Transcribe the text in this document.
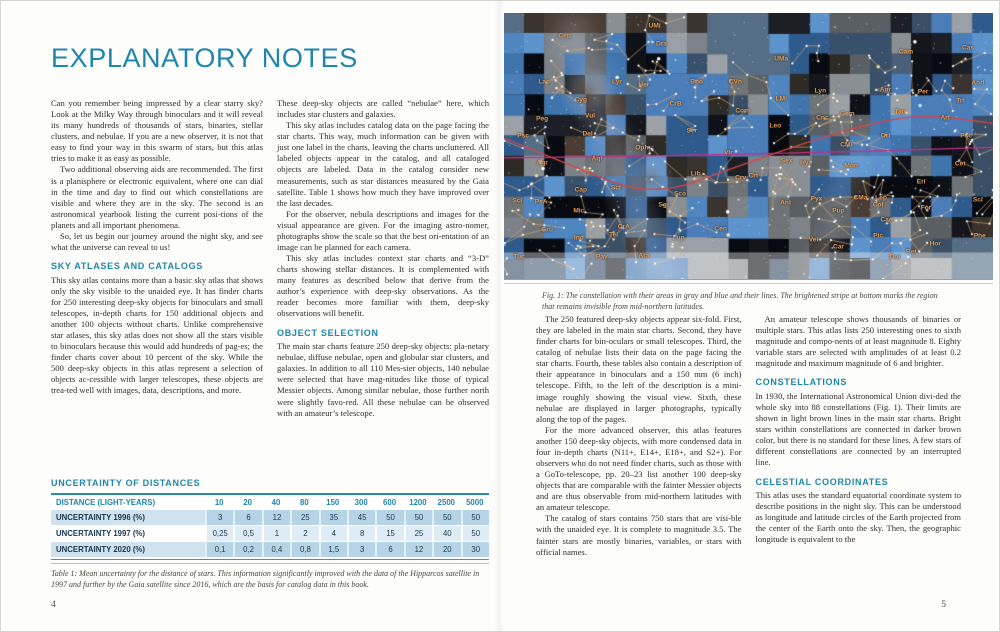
EXPLANATORY NOTES

Can you remember being impressed by a clear starry sky? Look at the Milky Way through binoculars and it will reveal its many hundreds of thousands of stars, binaries, stellar clusters, and nebulae. If you are a new observer, it is not that easy to find your way in this swarm of stars, but this atlas tries to make it as easy as possible.

Two additional observing aids are recommended. The first is a planisphere or electronic equivalent, where one can dial in the time and day to find out which constellations are visible and where they are in the sky. The second is an astronomical yearbook listing the current posi-tions of the planets and all important phenomena.

So, let us begin our journey around the night sky, and see what the universe can reveal to us!

SKY ATLASES AND CATALOGS

This sky atlas contains more than a basic sky atlas that shows only the sky visible to the unaided eye. It has finder charts for 250 interesting deep-sky objects for binoculars and small telescopes, in-depth charts for 150 additional objects and another 100 objects without charts. Unlike comprehensive star atlases, this sky atlas does not show all the stars visible to binoculars because this would add hundreds of pag-es; the finder charts cover about 10 percent of the sky. While the 500 deep-sky objects in this atlas represent a selection of objects ac-cessible with larger telescopes, these objects are trea-ted well with images, data, descriptions, and more.

These deep-sky objects are called “nebulae” here, which includes star clusters and galaxies.

This sky atlas includes catalog data on the page facing the star charts. This way, much information can be given with just one label in the charts, leaving the charts uncluttered. All labeled objects appear in the catalog, and all cataloged objects are labeled. Data in the catalog consider new measurements, such as star distances measured by the Gaia satellite. Table 1 shows how much they have improved over the last decades.

For the observer, nebula descriptions and images for the visual appearance are given. For the imaging astro-nomer, photographs show the scale so that the best ori-entation of an image can be planned for each camera.

This sky atlas includes context star charts and “3-D” charts showing stellar distances. It is complemented with many features as described below that derive from the author’s experience with deep-sky observations. As the reader becomes more familiar with them, deep-sky observations will benefit.

OBJECT SELECTION

The main star charts feature 250 deep-sky objects: pla-netary nebulae, diffuse nebulae, open and globular star clusters, and galaxies. In addition to all 110 Mes-sier objects, 140 nebulae were selected that have mag-nitudes like those of typical Messier objects. Among similar nebulae, those further north were slightly favo-red. All these nebulae can be observed with an amateur’s telescope.

UNCERTAINTY OF DISTANCES
DISTANCE (LIGHT-YEARS)	10	20	40	80	150	300	600	1200	2500	5000
UNCERTAINTY 1996 (%)	3	6	12	25	35	45	50	50	50	50
UNCERTAINTY 1997 (%)	0,25	0,5	1	2	4	8	15	25	40	50
UNCERTAINTY 2020 (%)	0,1	0,2	0,4	0,8	1,5	3	6	12	20	30

Table 1: Mean uncertainty for the distance of stars. This information significantly improved with the data of the Hipparcos satellite in 1997 and further by the Gaia satellite since 2016, which are the basis for catalog data in this book.

4
Cep
UMi
Dra
Cas
Cam
UMa
Lac
Cyg
Lyr Her	Boo	CVn
CrB
Com
Peg	Vul
Del	Ser
Psc
Lyn	Aur	Per
And
LMi
Cnc Gem	Tau
Ari
Tri
Leo
Ori
CMi
Psc
Aqr
Aql
Oph
Vir
Lib
Crv
Cap	Sct
Sgr
Sco
Scl PsA
Mic
CrA
Tel
Gru
Ind
Tuc	Pav	Ara
Lup
Cen
Sex Hya	Mon	Cet
Crt
Eri
Pyx	CMa Lep	Scl
Ant
Pup
Col	For
Cae
Pic
Hor
Phe
Vel
Car
Dor
Ret
Fig. 1: The constellation with their areas in gray and blue and their lines. The brightened stripe at bottom marks the region that remains invisible from mid-northern latitudes.

The 250 featured deep-sky objects appear six-fold. First, they are labeled in the main star charts. Second, they have finder charts for bin-oculars or small telescopes. Third, the catalog of nebulae lists their data on the page facing the star charts. Fourth, these tables also contain a description of their appearance in binoculars and a 150 mm (6 inch) telescope. Fifth, to the left of the description is a mini-image roughly showing the visual view. Sixth, these nebulae are displayed in larger photographs, typically along the top of the pages.

For the more advanced observer, this atlas features another 150 deep-sky objects, with more condensed data in four in-depth charts (N11+, E14+, E18+, and S2+). For observers who do not need finder charts, such as those with a GoTo-telescope, pp. 20–23 list another 100 deep-sky objects that are comparable with the fainter Messier objects and are thus observable from mid-northern latitudes with an amateur telescope.

The catalog of stars contains 750 stars that are visi-ble with the unaided eye. It is complete to magnitude 3.5. The fainter stars are mostly binaries, variables, or stars with official names.

An amateur telescope shows thousands of binaries or multiple stars. This atlas lists 250 interesting ones to sixth magnitude and compo-nents of at least magnitude 8. Eighty variable stars are selected with amplitudes of at least 0.2 magnitude and maximum magnitude of 6 and brighter.

CONSTELLATIONS

In 1930, the International Astronomical Union divi-ded the whole sky into 88 constellations (Fig. 1). Their limits are shown in light brown lines in the main star charts. Bright stars within constellations are connected in darker brown color, but there is no standard for these lines. A few stars of different constellations are connected by an interrupted line.

CELESTIAL COORDINATES

This atlas uses the standard equatorial coordinate system to describe positions in the night sky. This can be understood as longitude and latitude circles of the Earth projected from the center of the Earth onto the sky. Then, the geographic longitude is equivalent to the

5
